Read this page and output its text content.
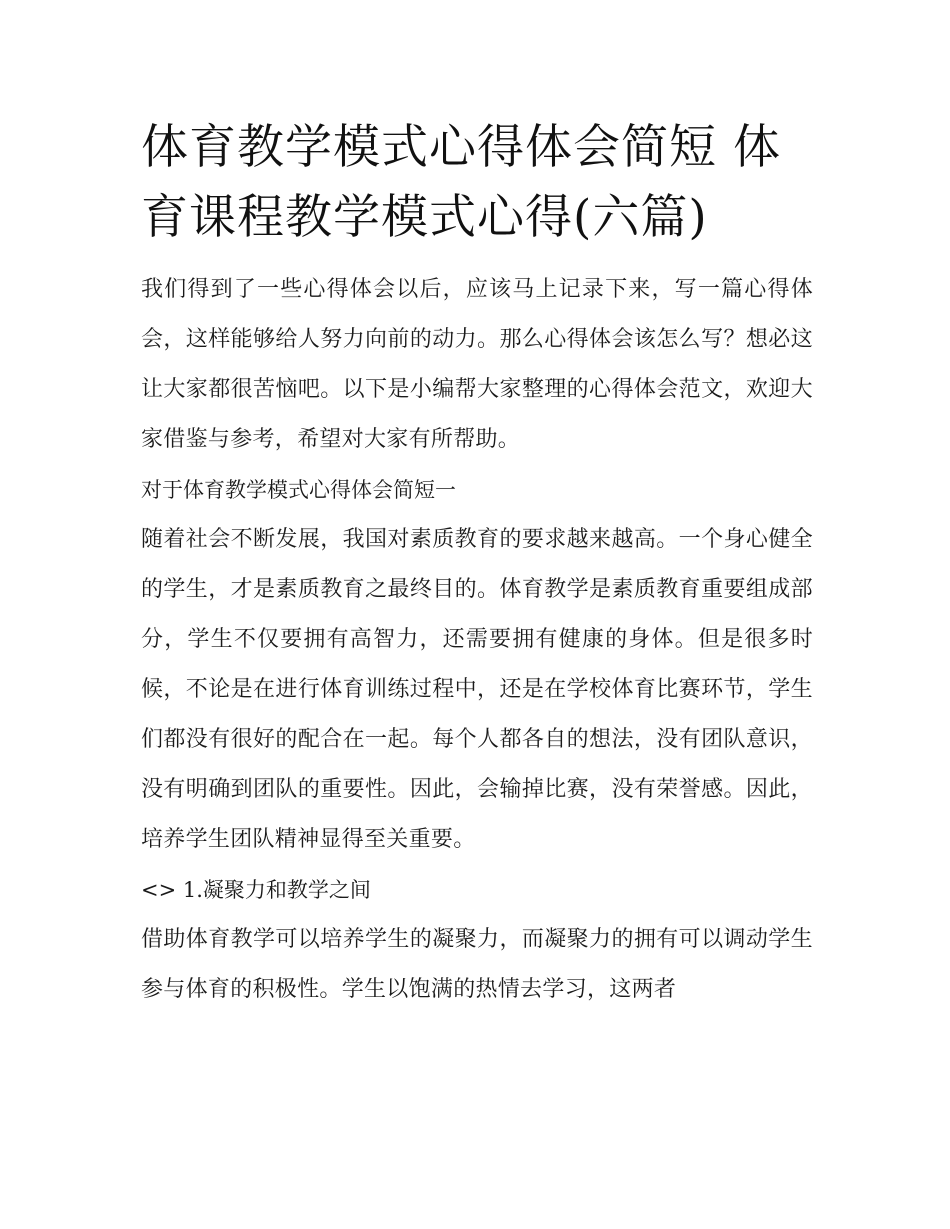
体育教学模式心得体会简短 体育课程教学模式心得(六篇)

我们得到了一些心得体会以后，应该马上记录下来，写一篇心得体会，这样能够给人努力向前的动力。那么心得体会该怎么写？想必这让大家都很苦恼吧。以下是小编帮大家整理的心得体会范文，欢迎大家借鉴与参考，希望对大家有所帮助。

对于体育教学模式心得体会简短一

随着社会不断发展，我国对素质教育的要求越来越高。一个身心健全的学生，才是素质教育之最终目的。体育教学是素质教育重要组成部分，学生不仅要拥有高智力，还需要拥有健康的身体。但是很多时候，不论是在进行体育训练过程中，还是在学校体育比赛环节，学生们都没有很好的配合在一起。每个人都各自的想法，没有团队意识，没有明确到团队的重要性。因此，会输掉比赛，没有荣誉感。因此，培养学生团队精神显得至关重要。

<> 1.凝聚力和教学之间

借助体育教学可以培养学生的凝聚力，而凝聚力的拥有可以调动学生参与体育的积极性。学生以饱满的热情去学习，这两者
